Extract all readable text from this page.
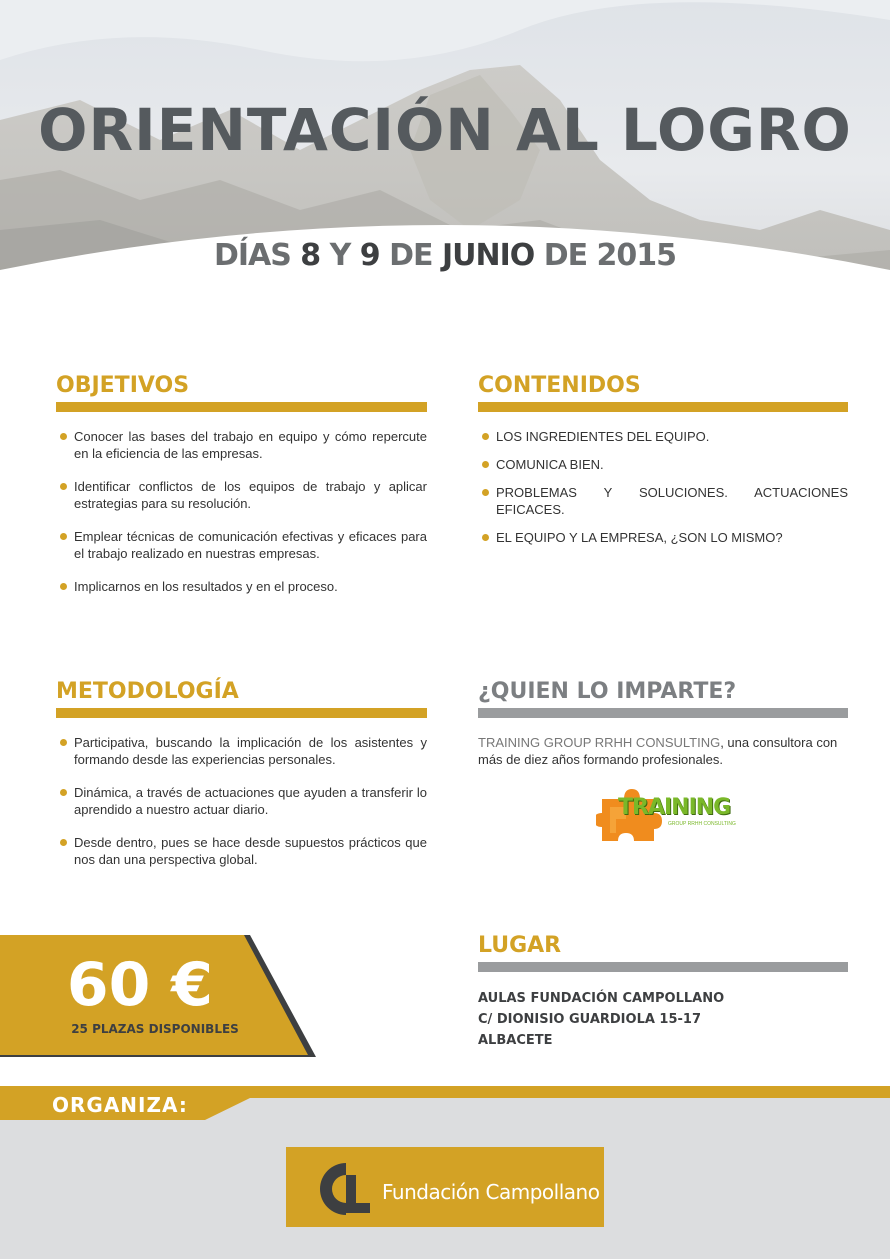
ORIENTACIÓN AL LOGRO
DÍAS 8 Y 9 DE JUNIO DE 2015
OBJETIVOS
Conocer las bases del trabajo en equipo y cómo repercute en la eficiencia de las empresas.
Identificar conflictos de los equipos de trabajo y aplicar estrategias para su resolución.
Emplear técnicas de comunicación efectivas y eficaces para el trabajo realizado en nuestras empresas.
Implicarnos en los resultados y en el proceso.
CONTENIDOS
LOS INGREDIENTES DEL EQUIPO.
COMUNICA BIEN.
PROBLEMAS Y SOLUCIONES. ACTUACIONES EFICACES.
EL EQUIPO Y LA EMPRESA, ¿SON LO MISMO?
METODOLOGÍA
Participativa, buscando la implicación de los asistentes y formando desde las experiencias personales.
Dinámica, a través de actuaciones que ayuden a transferir lo aprendido a nuestro actuar diario.
Desde dentro, pues se hace desde supuestos prácticos que nos dan una perspectiva global.
¿QUIEN LO IMPARTE?
TRAINING GROUP RRHH CONSULTING, una consultora con más de diez años formando profesionales.
TRAINING
GROUP RRHH CONSULTING
60 €
25 PLAZAS DISPONIBLES
LUGAR
AULAS FUNDACIÓN CAMPOLLANO
C/ DIONISIO GUARDIOLA 15-17
ALBACETE
ORGANIZA:
Fundación Campollano
